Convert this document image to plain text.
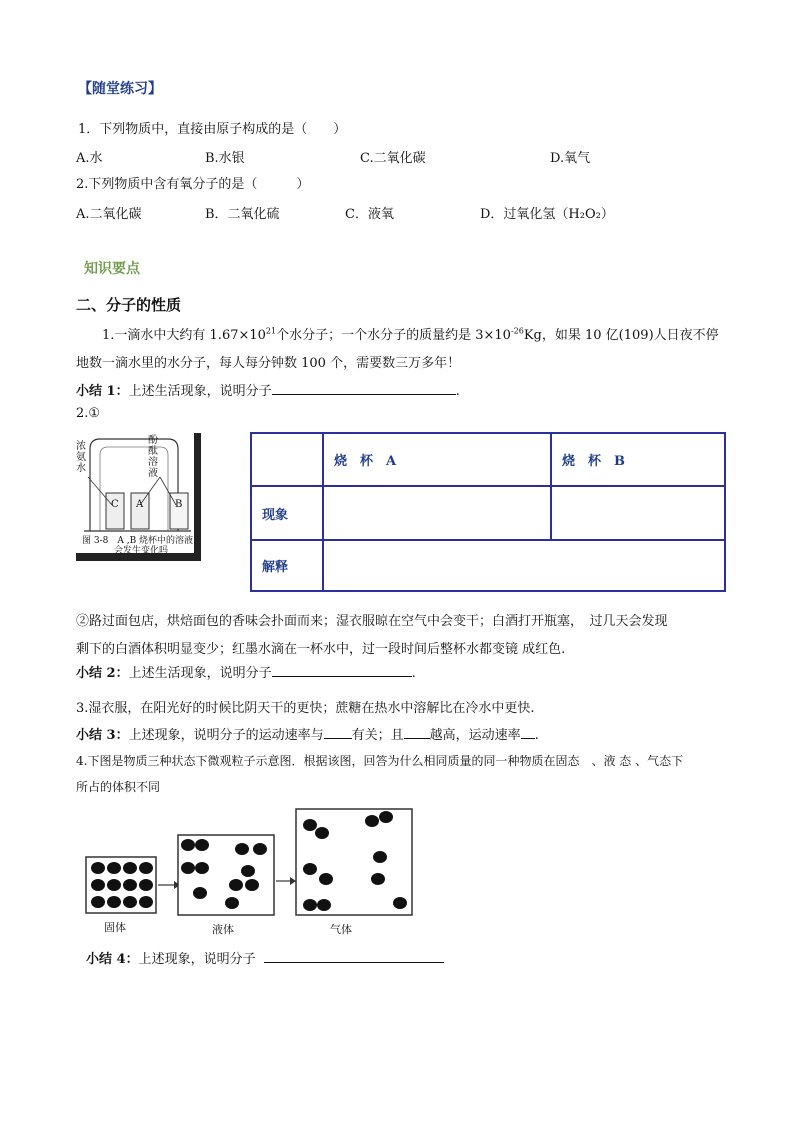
【随堂练习】
1．下列物质中，直接由原子构成的是（　　）
A.水	B.水银	C.二氧化碳	D.氧气
2.下列物质中含有氧分子的是（　　　）
A.二氧化碳	B．二氧化硫	C．液氧	D．过氧化氢（H₂O₂）
知识要点
二、分子的性质
1.一滴水中大约有 $1.67\times 10^{21}$个水分子；一个水分子的质量约是 $3\times 10^{-26}Kg$，如果 10 亿(109)人日夜不停
地数一滴水里的水分子，每人每分钟数 100 个，需要数三万多年！
小结 1：上述生活现象，说明分子	.
2.①
浓氨水
酚酞溶液
C A	B
图 3-8　A ,B 烧杯中的溶液
会发生变化吗
	烧　杯　A	烧　杯　B
现象		
解释		
②路过面包店，烘焙面包的香味会扑面而来；湿衣服晾在空气中会变干；白酒打开瓶塞，　过几天会发现
剩下的白酒体积明显变少；红墨水滴在一杯水中，过一段时间后整杯水都变镜 成红色.
小结 2：上述生活现象，说明分子	.
3.湿衣服，在阳光好的时候比阴天干的更快；蔗糖在热水中溶解比在冷水中更快.
小结 3：上述现象，说明分子的运动速率与 有关；且 越高，运动速率 .
4.下图是物质三种状态下微观粒子示意图．根据该图，回答为什么相同质量的同一种物质在固态　、液 态 、气态下
所占的体积不同
固体	液体	气体
小结 4：上述现象，说明分子
